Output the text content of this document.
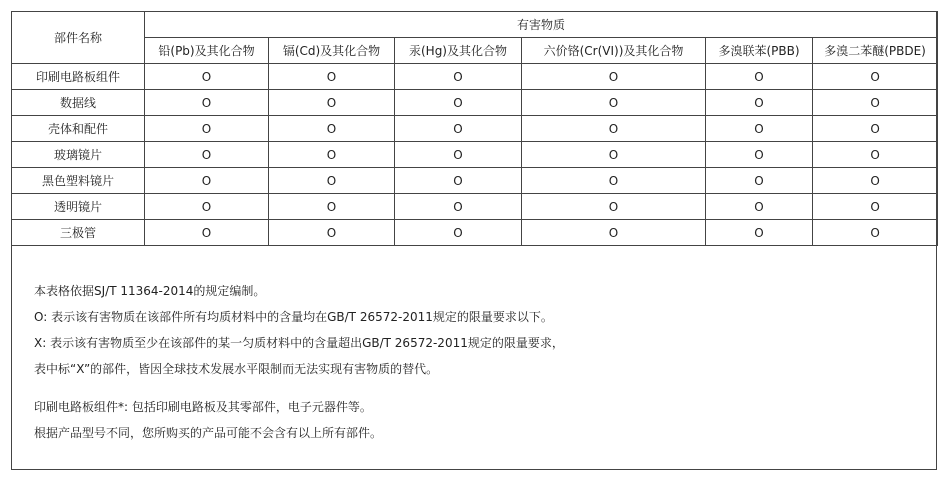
部件名称	有害物质					
	铅(Pb)及其化合物	镉(Cd)及其化合物	汞(Hg)及其化合物	六价铬(Cr(VI))及其化合物	多溴联苯(PBB)	多溴二苯醚(PBDE)
印刷电路板组件	O	O	O	O	O	O
数据线	O	O	O	O	O	O
壳体和配件	O	O	O	O	O	O
玻璃镜片	O	O	O	O	O	O
黑色塑料镜片	O	O	O	O	O	O
透明镜片	O	O	O	O	O	O
三极管	O	O	O	O	O	O

本表格依据SJ/T 11364-2014的规定编制。

O: 表示该有害物质在该部件所有均质材料中的含量均在GB/T 26572-2011规定的限量要求以下。

X: 表示该有害物质至少在该部件的某一匀质材料中的含量超出GB/T 26572-2011规定的限量要求，

表中标“X”的部件，皆因全球技术发展水平限制而无法实现有害物质的替代。

印刷电路板组件*: 包括印刷电路板及其零部件，电子元器件等。

根据产品型号不同，您所购买的产品可能不会含有以上所有部件。
